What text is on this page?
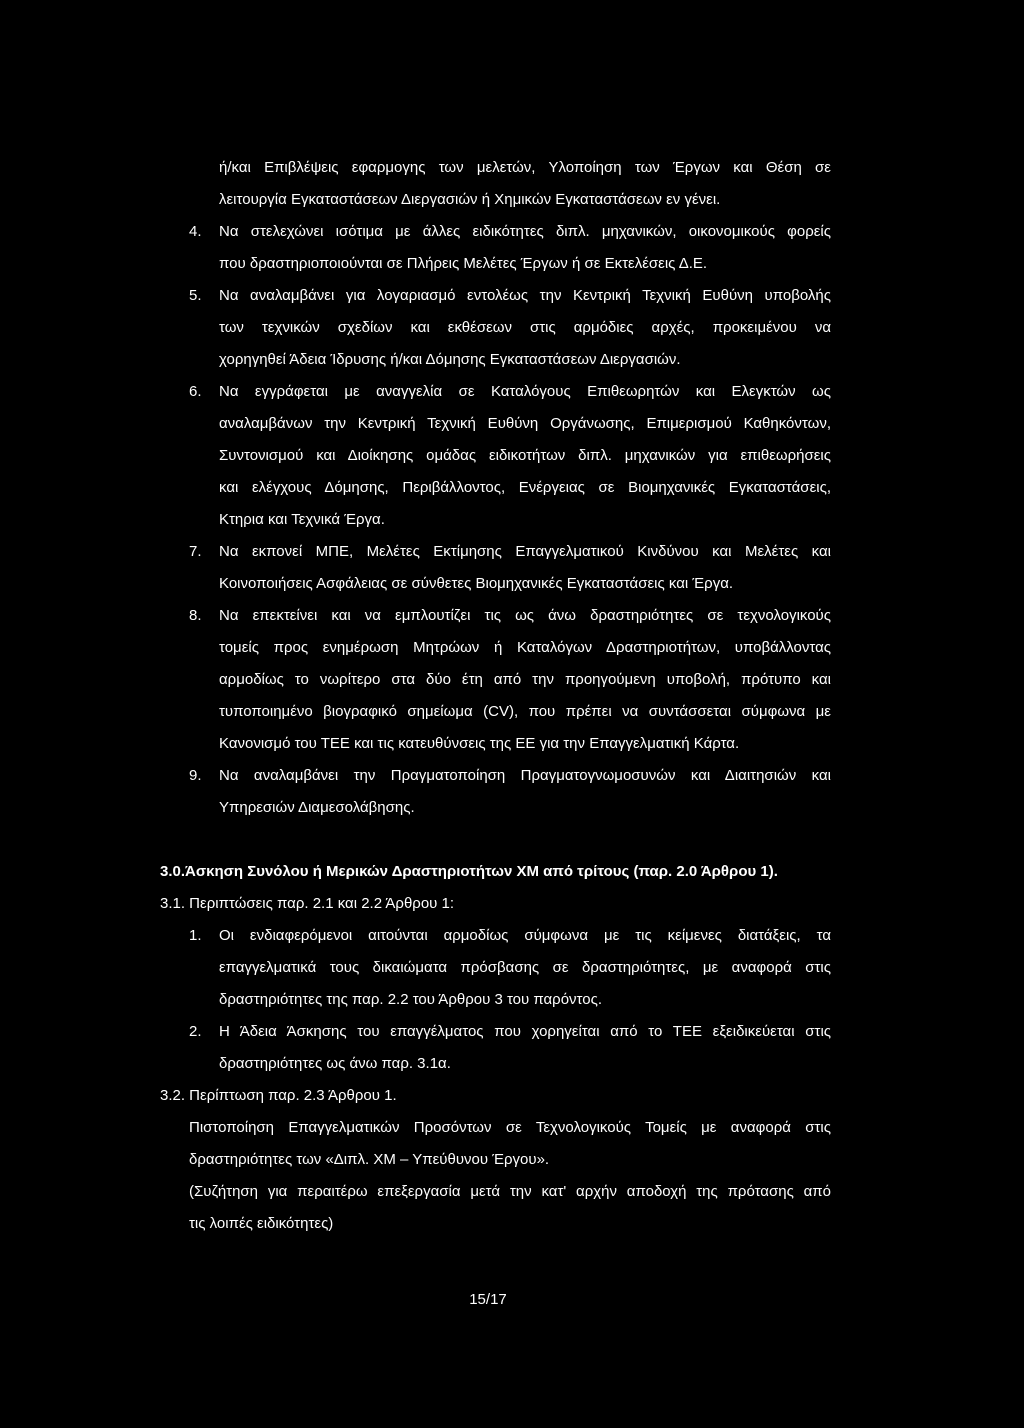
ή/και Επιβλέψεις εφαρμογης των μελετών, Υλοποίηση των Έργων και Θέση σε
λειτουργία Εγκαταστάσεων Διεργασιών ή Χημικών Εγκαταστάσεων εν γένει.
4. Να στελεχώνει ισότιμα με άλλες ειδικότητες διπλ. μηχανικών, οικονομικούς φορείς
που δραστηριοποιούνται σε Πλήρεις Μελέτες Έργων ή σε Εκτελέσεις Δ.Ε.
5. Να αναλαμβάνει για λογαριασμό εντολέως την Κεντρική Τεχνική Ευθύνη υποβολής
των τεχνικών σχεδίων και εκθέσεων στις αρμόδιες αρχές, προκειμένου να
χορηγηθεί Άδεια Ίδρυσης ή/και Δόμησης Εγκαταστάσεων Διεργασιών.
6. Να εγγράφεται με αναγγελία σε Καταλόγους Επιθεωρητών και Ελεγκτών ως
αναλαμβάνων την Κεντρική Τεχνική Ευθύνη Οργάνωσης, Επιμερισμού Καθηκόντων,
Συντονισμού και Διοίκησης ομάδας ειδικοτήτων διπλ. μηχανικών για επιθεωρήσεις
και ελέγχους Δόμησης, Περιβάλλοντος, Ενέργειας σε Βιομηχανικές Εγκαταστάσεις,
Κτηρια και Τεχνικά Έργα.
7. Να εκπονεί ΜΠΕ, Μελέτες Εκτίμησης Επαγγελματικού Κινδύνου και Μελέτες και
Κοινοποιήσεις Ασφάλειας σε σύνθετες Βιομηχανικές Εγκαταστάσεις και Έργα.
8. Να επεκτείνει και να εμπλουτίζει τις ως άνω δραστηριότητες σε τεχνολογικούς
τομείς προς ενημέρωση Μητρώων ή Καταλόγων Δραστηριοτήτων, υποβάλλοντας
αρμοδίως το νωρίτερο στα δύο έτη από την προηγούμενη υποβολή, πρότυπο και
τυποποιημένο βιογραφικό σημείωμα (CV), που πρέπει να συντάσσεται σύμφωνα με
Κανονισμό του ΤΕΕ και τις κατευθύνσεις της ΕΕ για την Επαγγελματική Κάρτα.
9. Να αναλαμβάνει την Πραγματοποίηση Πραγματογνωμοσυνών και Διαιτησιών και
Υπηρεσιών Διαμεσολάβησης.
3.0.Άσκηση Συνόλου ή Μερικών Δραστηριοτήτων ΧΜ από τρίτους (παρ. 2.0 Άρθρου 1).
3.1. Περιπτώσεις παρ. 2.1 και 2.2 Άρθρου 1:
1. Οι ενδιαφερόμενοι αιτούνται αρμοδίως σύμφωνα με τις κείμενες διατάξεις, τα
επαγγελματικά τους δικαιώματα πρόσβασης σε δραστηριότητες, με αναφορά στις
δραστηριότητες της παρ. 2.2 του Άρθρου 3 του παρόντος.
2. Η Άδεια Άσκησης του επαγγέλματος που χορηγείται από το ΤΕΕ εξειδικεύεται στις
δραστηριότητες ως άνω παρ. 3.1α.
3.2. Περίπτωση παρ. 2.3 Άρθρου 1.
Πιστοποίηση Επαγγελματικών Προσόντων σε Τεχνολογικούς Τομείς με αναφορά στις
δραστηριότητες των «Διπλ. ΧΜ – Υπεύθυνου Έργου».
(Συζήτηση για περαιτέρω επεξεργασία μετά την κατ' αρχήν αποδοχή της πρότασης από
τις λοιπές ειδικότητες)
15/17
